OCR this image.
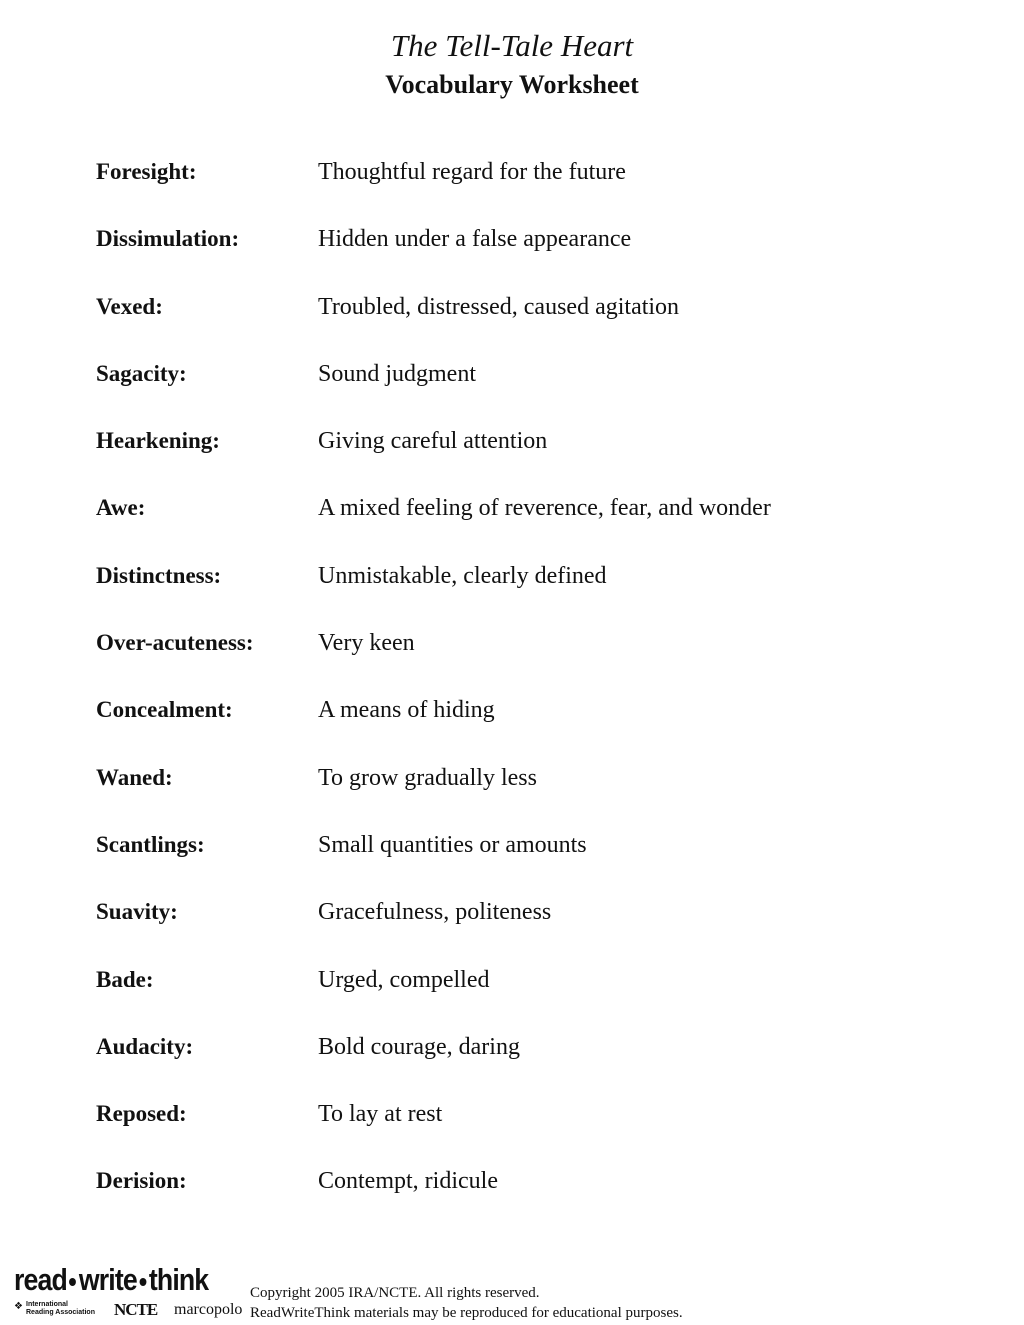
The Tell-Tale Heart
Vocabulary Worksheet
Foresight:	Thoughtful regard for the future
Dissimulation:	Hidden under a false appearance
Vexed:	Troubled, distressed, caused agitation
Sagacity:	Sound judgment
Hearkening:	Giving careful attention
Awe:	A mixed feeling of reverence, fear, and wonder
Distinctness:	Unmistakable, clearly defined
Over-acuteness:	Very keen
Concealment:	A means of hiding
Waned:	To grow gradually less
Scantlings:	Small quantities or amounts
Suavity:	Gracefulness, politeness
Bade:	Urged, compelled
Audacity:	Bold courage, daring
Reposed:	To lay at rest
Derision:	Contempt, ridicule
read write think
❖ International
Reading Association	NCTE marcopolo
Copyright 2005 IRA/NCTE. All rights reserved.
ReadWriteThink materials may be reproduced for educational purposes.
